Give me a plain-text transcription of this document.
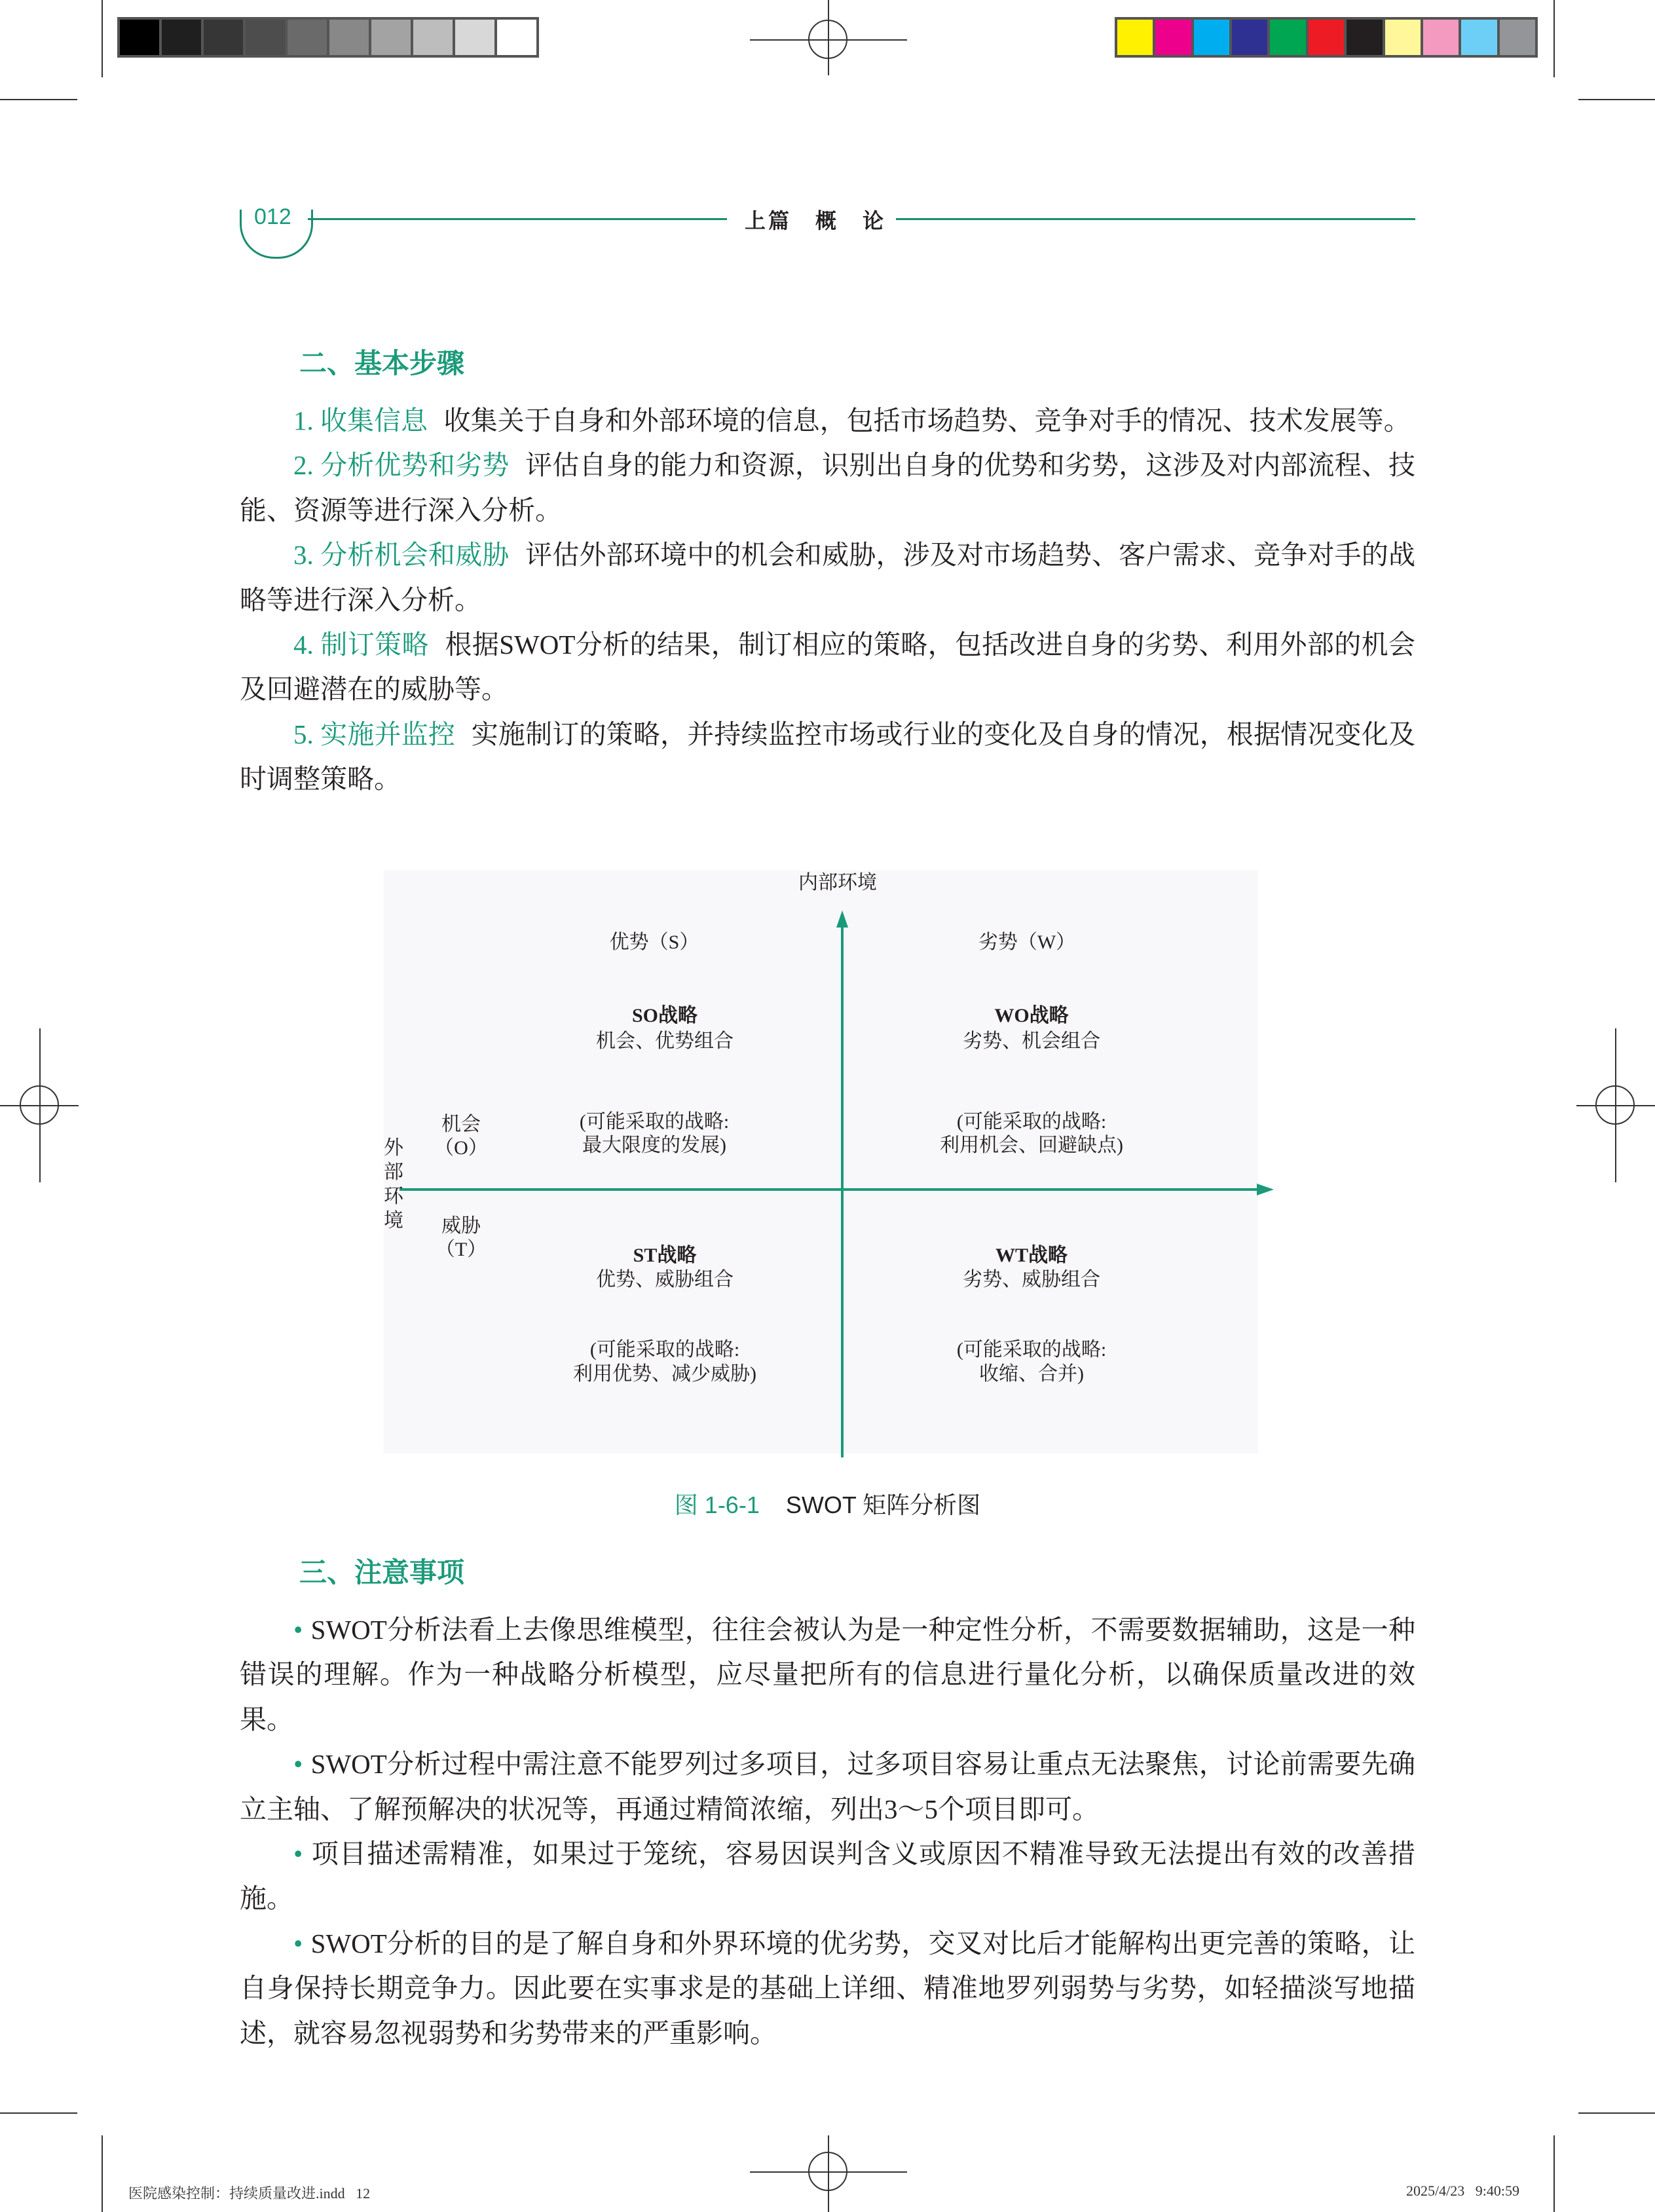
012	上篇　概　论
二、基本步骤

1. 收集信息 收集关于自身和外部环境的信息，包括市场趋势、竞争对手的情况、技术发展等。

2. 分析优势和劣势 评估自身的能力和资源，识别出自身的优势和劣势，这涉及对内部流程、技能、资源等进行深入分析。

3. 分析机会和威胁 评估外部环境中的机会和威胁，涉及对市场趋势、客户需求、竞争对手的战略等进行深入分析。

4. 制订策略 根据SWOT分析的结果，制订相应的策略，包括改进自身的劣势、利用外部的机会及回避潜在的威胁等。

5. 实施并监控 实施制订的策略，并持续监控市场或行业的变化及自身的情况，根据情况变化及时调整策略。

内部环境
优势（S）	劣势（W）
SO战略
机会、优势组合
WO战略
劣势、机会组合
机会
（O）
(可能采取的战略:
最大限度的发展)
(可能采取的战略:
利用机会、回避缺点)
外
部
环
境 威胁
（T）	ST战略
优势、威胁组合
WT战略
劣势、威胁组合
(可能采取的战略:
利用优势、减少威胁)
(可能采取的战略:
收缩、合并)
图 1-6-1 SWOT 矩阵分析图
三、注意事项

• SWOT分析法看上去像思维模型，往往会被认为是一种定性分析，不需要数据辅助，这是一种错误的理解。作为一种战略分析模型，应尽量把所有的信息进行量化分析，以确保质量改进的效果。

• SWOT分析过程中需注意不能罗列过多项目，过多项目容易让重点无法聚焦，讨论前需要先确立主轴、了解预解决的状况等，再通过精简浓缩，列出3～5个项目即可。

• 项目描述需精准，如果过于笼统，容易因误判含义或原因不精准导致无法提出有效的改善措施。

• SWOT分析的目的是了解自身和外界环境的优劣势，交叉对比后才能解构出更完善的策略，让自身保持长期竞争力。因此要在实事求是的基础上详细、精准地罗列弱势与劣势，如轻描淡写地描述，就容易忽视弱势和劣势带来的严重影响。

医院感染控制：持续质量改进.indd   12	2025/4/23   9:40:59
